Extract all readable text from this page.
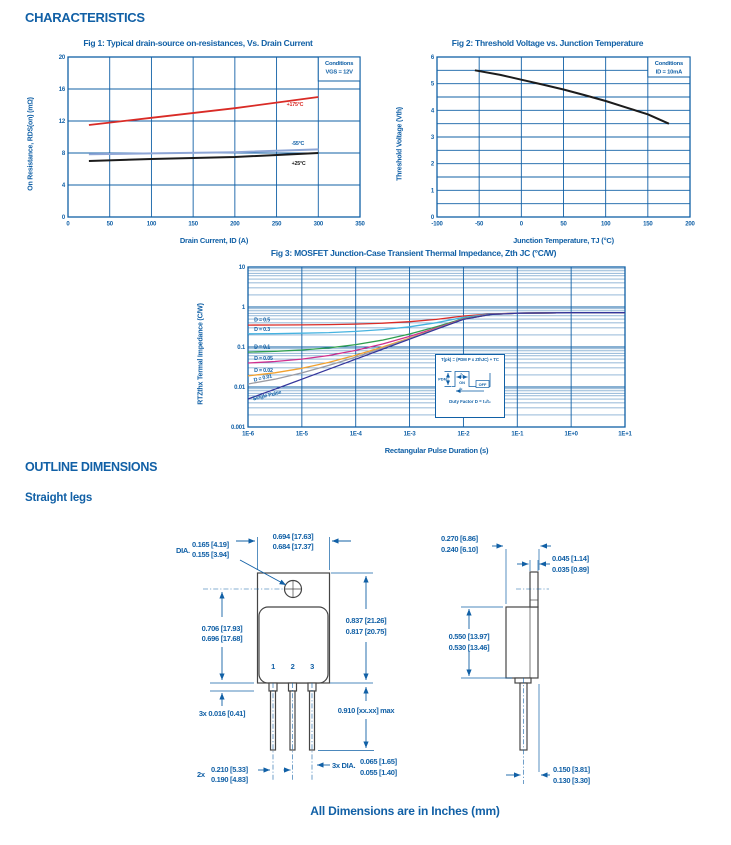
CHARACTERISTICS
Fig 1: Typical drain-source on-resistances, Vs. Drain Current
On Resistance, RDS(on) (mΩ)
0	50	100	150	200	250	300	350
0
4
8
12
16
20
+175°C
-55°C
+25°C
Conditions
VGS = 12V
Drain Current, ID (A)
Fig 2: Threshold Voltage vs. Junction Temperature
Threshold Voltage (Vth)
-100	-50	0	50	100	150	200
0
1
2
3
4
5
6
Conditions
ID = 10mA
Junction Temperature, TJ (°C)
Fig 3: MOSFET Junction-Case Transient Thermal Impedance, Zth JC (°C/W)
RTZthx Termal Impedance (C/W)
1E-6	1E-5	1E-4	1E-3	1E-2	1E-1	1E+0	1E+1
10
1
0.1
0.01
0.001
D = 0.5
D = 0.3
D = 0.1
D = 0.05
D = 0.02
D = 0.01
Single Pulse
T(pk) = (PDM P x ZthJC) + TC
PDM
t₁
ON
t₂
OFF
Duty Factor D = t₁/t₂
Rectangular Pulse Duration (s)
OUTLINE DIMENSIONS
Straight legs
0.694 [17.63]
0.684 [17.37]
DIA.
0.165 [4.19]
0.155 [3.94]
0.706 [17.93]
0.696 [17.68]
0.837 [21.26]
0.817 [20.75]
1 2 3
3x 0.016 [0.41]	0.910 [xx.xx] max
2x
0.210 [5.33]
0.190 [4.83]
3x DIA. 0.065 [1.65]
0.055 [1.40]
0.270 [6.86]
0.240 [6.10]
0.045 [1.14]
0.035 [0.89]
0.550 [13.97]
0.530 [13.46]
0.150 [3.81]
0.130 [3.30]
All Dimensions are in Inches (mm)
